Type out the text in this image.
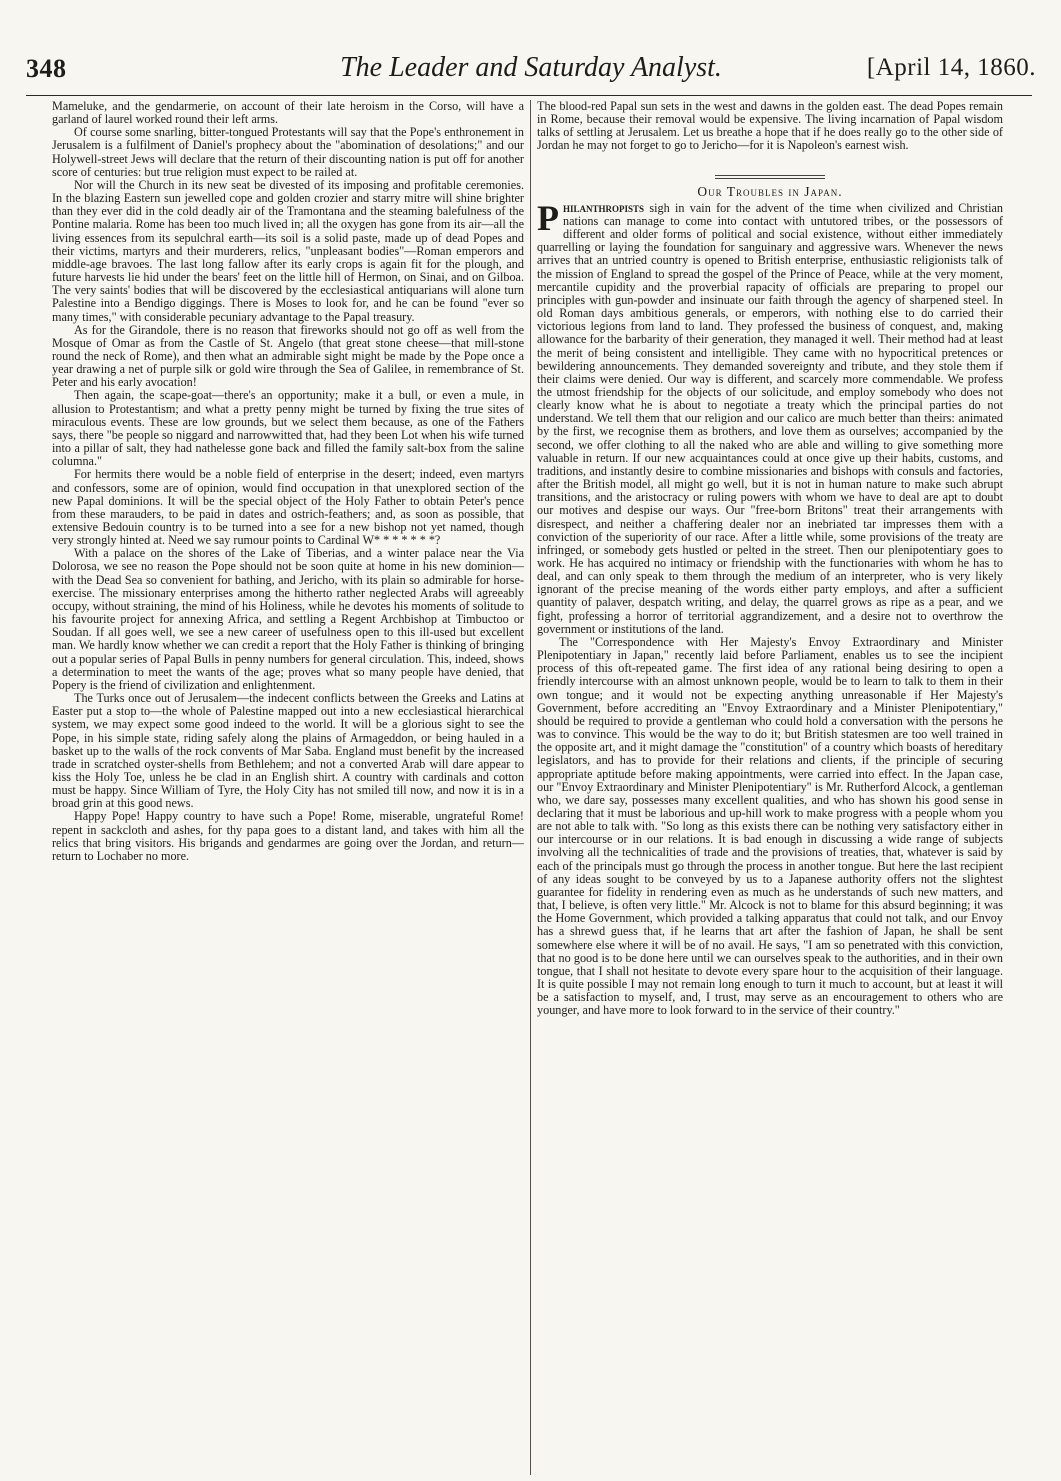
348	The Leader and Saturday Analyst.	[April 14, 1860.

Mameluke, and the gendarmerie, on account of their late heroism in the Corso, will have a garland of laurel worked round their left arms.

Of course some snarling, bitter-tongued Protestants will say that the Pope's enthronement in Jerusalem is a fulfilment of Daniel's prophecy about the "abomination of desolations;" and our Holywell-street Jews will declare that the return of their discounting nation is put off for another score of centuries: but true religion must expect to be railed at.

Nor will the Church in its new seat be divested of its imposing and profitable ceremonies. In the blazing Eastern sun jewelled cope and golden crozier and starry mitre will shine brighter than they ever did in the cold deadly air of the Tramontana and the steaming balefulness of the Pontine malaria. Rome has been too much lived in; all the oxygen has gone from its air—all the living essences from its sepulchral earth—its soil is a solid paste, made up of dead Popes and their victims, martyrs and their murderers, relics, "unpleasant bodies"—Roman emperors and middle-age bravoes. The last long fallow after its early crops is again fit for the plough, and future harvests lie hid under the bears' feet on the little hill of Hermon, on Sinai, and on Gilboa. The very saints' bodies that will be discovered by the ecclesiastical antiquarians will alone turn Palestine into a Bendigo diggings. There is Moses to look for, and he can be found "ever so many times," with considerable pecuniary advantage to the Papal treasury.

As for the Girandole, there is no reason that fireworks should not go off as well from the Mosque of Omar as from the Castle of St. Angelo (that great stone cheese—that mill-stone round the neck of Rome), and then what an admirable sight might be made by the Pope once a year drawing a net of purple silk or gold wire through the Sea of Galilee, in remembrance of St. Peter and his early avocation!

Then again, the scape-goat—there's an opportunity; make it a bull, or even a mule, in allusion to Protestantism; and what a pretty penny might be turned by fixing the true sites of miraculous events. These are low grounds, but we select them because, as one of the Fathers says, there "be people so niggard and narrowwitted that, had they been Lot when his wife turned into a pillar of salt, they had nathelesse gone back and filled the family salt-box from the saline columna."

For hermits there would be a noble field of enterprise in the desert; indeed, even martyrs and confessors, some are of opinion, would find occupation in that unexplored section of the new Papal dominions. It will be the special object of the Holy Father to obtain Peter's pence from these marauders, to be paid in dates and ostrich-feathers; and, as soon as possible, that extensive Bedouin country is to be turned into a see for a new bishop not yet named, though very strongly hinted at. Need we say rumour points to Cardinal W* * * * * * *?

With a palace on the shores of the Lake of Tiberias, and a winter palace near the Via Dolorosa, we see no reason the Pope should not be soon quite at home in his new dominion—with the Dead Sea so convenient for bathing, and Jericho, with its plain so admirable for horse-exercise. The missionary enterprises among the hitherto rather neglected Arabs will agreeably occupy, without straining, the mind of his Holiness, while he devotes his moments of solitude to his favourite project for annexing Africa, and settling a Regent Archbishop at Timbuctoo or Soudan. If all goes well, we see a new career of usefulness open to this ill-used but excellent man. We hardly know whether we can credit a report that the Holy Father is thinking of bringing out a popular series of Papal Bulls in penny numbers for general circulation. This, indeed, shows a determination to meet the wants of the age; proves what so many people have denied, that Popery is the friend of civilization and enlightenment.

The Turks once out of Jerusalem—the indecent conflicts between the Greeks and Latins at Easter put a stop to—the whole of Palestine mapped out into a new ecclesiastical hierarchical system, we may expect some good indeed to the world. It will be a glorious sight to see the Pope, in his simple state, riding safely along the plains of Armageddon, or being hauled in a basket up to the walls of the rock convents of Mar Saba. England must benefit by the increased trade in scratched oyster-shells from Bethlehem; and not a converted Arab will dare appear to kiss the Holy Toe, unless he be clad in an English shirt. A country with cardinals and cotton must be happy. Since William of Tyre, the Holy City has not smiled till now, and now it is in a broad grin at this good news.

Happy Pope! Happy country to have such a Pope! Rome, miserable, ungrateful Rome! repent in sackcloth and ashes, for thy papa goes to a distant land, and takes with him all the relics that bring visitors. His brigands and gendarmes are going over the Jordan, and return—return to Lochaber no more.

The blood-red Papal sun sets in the west and dawns in the golden east. The dead Popes remain in Rome, because their removal would be expensive. The living incarnation of Papal wisdom talks of settling at Jerusalem. Let us breathe a hope that if he does really go to the other side of Jordan he may not forget to go to Jericho—for it is Napoleon's earnest wish.

Our Troubles in Japan.

Philanthropists sigh in vain for the advent of the time when civilized and Christian nations can manage to come into contact with untutored tribes, or the possessors of different and older forms of political and social existence, without either immediately quarrelling or laying the foundation for sanguinary and aggressive wars. Whenever the news arrives that an untried country is opened to British enterprise, enthusiastic religionists talk of the mission of England to spread the gospel of the Prince of Peace, while at the very moment, mercantile cupidity and the proverbial rapacity of officials are preparing to propel our principles with gun-powder and insinuate our faith through the agency of sharpened steel. In old Roman days ambitious generals, or emperors, with nothing else to do carried their victorious legions from land to land. They professed the business of conquest, and, making allowance for the barbarity of their generation, they managed it well. Their method had at least the merit of being consistent and intelligible. They came with no hypocritical pretences or bewildering announcements. They demanded sovereignty and tribute, and they stole them if their claims were denied. Our way is different, and scarcely more commendable. We profess the utmost friendship for the objects of our solicitude, and employ somebody who does not clearly know what he is about to negotiate a treaty which the principal parties do not understand. We tell them that our religion and our calico are much better than theirs: animated by the first, we recognise them as brothers, and love them as ourselves; accompanied by the second, we offer clothing to all the naked who are able and willing to give something more valuable in return. If our new acquaintances could at once give up their habits, customs, and traditions, and instantly desire to combine missionaries and bishops with consuls and factories, after the British model, all might go well, but it is not in human nature to make such abrupt transitions, and the aristocracy or ruling powers with whom we have to deal are apt to doubt our motives and despise our ways. Our "free-born Britons" treat their arrangements with disrespect, and neither a chaffering dealer nor an inebriated tar impresses them with a conviction of the superiority of our race. After a little while, some provisions of the treaty are infringed, or somebody gets hustled or pelted in the street. Then our plenipotentiary goes to work. He has acquired no intimacy or friendship with the functionaries with whom he has to deal, and can only speak to them through the medium of an interpreter, who is very likely ignorant of the precise meaning of the words either party employs, and after a sufficient quantity of palaver, despatch writing, and delay, the quarrel grows as ripe as a pear, and we fight, professing a horror of territorial aggrandizement, and a desire not to overthrow the government or institutions of the land.

The "Correspondence with Her Majesty's Envoy Extraordinary and Minister Plenipotentiary in Japan," recently laid before Parliament, enables us to see the incipient process of this oft-repeated game. The first idea of any rational being desiring to open a friendly intercourse with an almost unknown people, would be to learn to talk to them in their own tongue; and it would not be expecting anything unreasonable if Her Majesty's Government, before accrediting an "Envoy Extraordinary and a Minister Plenipotentiary," should be required to provide a gentleman who could hold a conversation with the persons he was to convince. This would be the way to do it; but British statesmen are too well trained in the opposite art, and it might damage the "constitution" of a country which boasts of hereditary legislators, and has to provide for their relations and clients, if the principle of securing appropriate aptitude before making appointments, were carried into effect. In the Japan case, our "Envoy Extraordinary and Minister Plenipotentiary" is Mr. Rutherford Alcock, a gentleman who, we dare say, possesses many excellent qualities, and who has shown his good sense in declaring that it must be laborious and up-hill work to make progress with a people whom you are not able to talk with. "So long as this exists there can be nothing very satisfactory either in our intercourse or in our relations. It is bad enough in discussing a wide range of subjects involving all the technicalities of trade and the provisions of treaties, that, whatever is said by each of the principals must go through the process in another tongue. But here the last recipient of any ideas sought to be conveyed by us to a Japanese authority offers not the slightest guarantee for fidelity in rendering even as much as he understands of such new matters, and that, I believe, is often very little." Mr. Alcock is not to blame for this absurd beginning; it was the Home Government, which provided a talking apparatus that could not talk, and our Envoy has a shrewd guess that, if he learns that art after the fashion of Japan, he shall be sent somewhere else where it will be of no avail. He says, "I am so penetrated with this conviction, that no good is to be done here until we can ourselves speak to the authorities, and in their own tongue, that I shall not hesitate to devote every spare hour to the acquisition of their language. It is quite possible I may not remain long enough to turn it much to account, but at least it will be a satisfaction to myself, and, I trust, may serve as an encouragement to others who are younger, and have more to look forward to in the service of their country."
